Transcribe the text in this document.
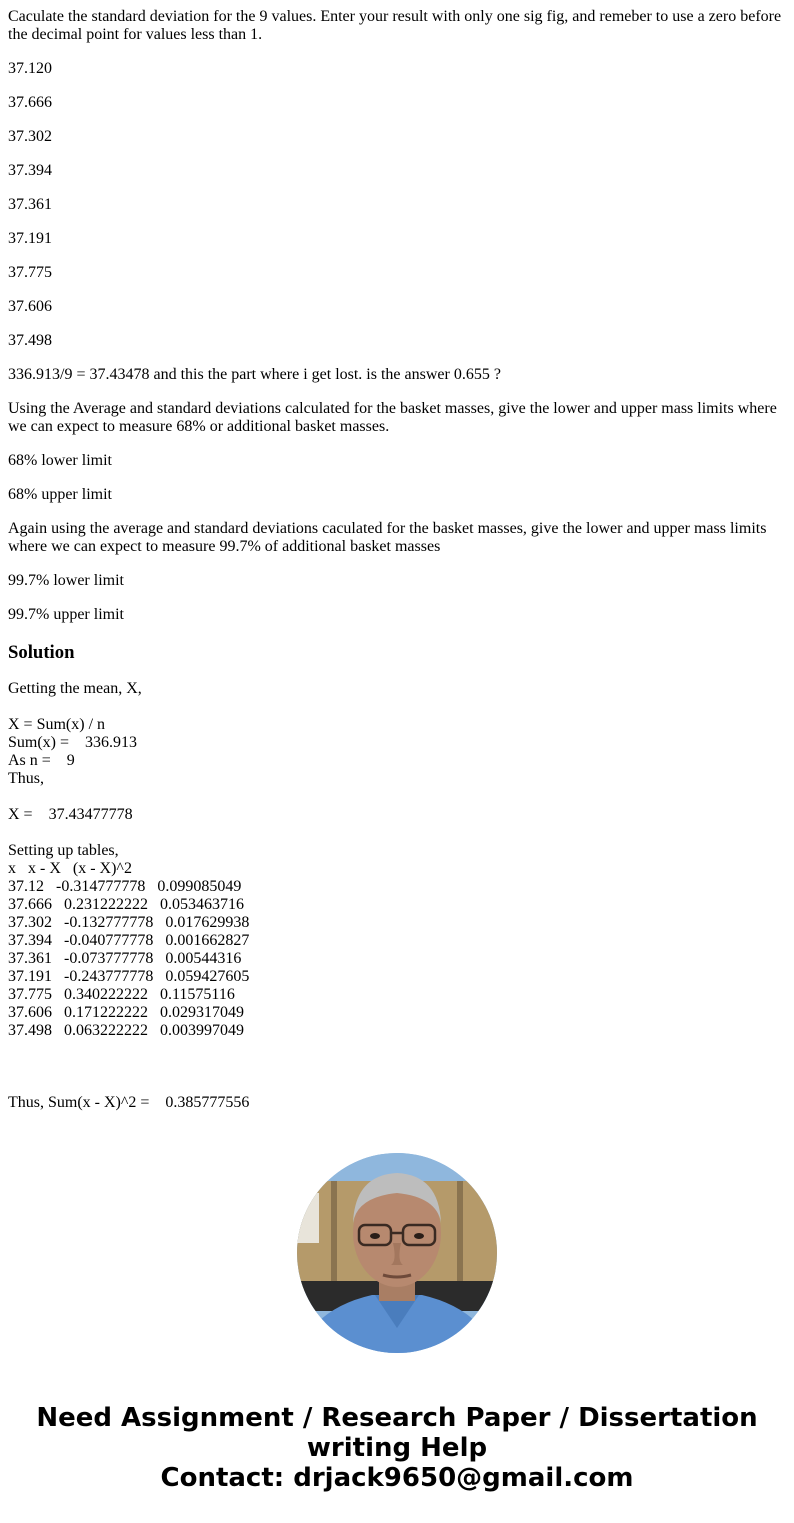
Caculate the standard deviation for the 9 values. Enter your result with only one sig fig, and remeber to use a zero before the decimal point for values less than 1.

37.120

37.666

37.302

37.394

37.361

37.191

37.775

37.606

37.498

336.913/9 = 37.43478 and this the part where i get lost. is the answer 0.655 ?

Using the Average and standard deviations calculated for the basket masses, give the lower and upper mass limits where we can expect to measure 68% or additional basket masses.

68% lower limit

68% upper limit

Again using the average and standard deviations caculated for the basket masses, give the lower and upper mass limits where we can expect to measure 99.7% of additional basket masses

99.7% lower limit

99.7% upper limit

Solution
Getting the mean, X,
X = Sum(x) / n
Sum(x) =    336.913
As n =    9
Thus,
X =    37.43477778
Setting up tables,
x x - X (x - X)^2
37.12 -0.314777778 0.099085049
37.666 0.231222222 0.053463716
37.302 -0.132777778 0.017629938
37.394 -0.040777778 0.001662827
37.361 -0.073777778 0.00544316
37.191 -0.243777778 0.059427605
37.775 0.340222222 0.11575116
37.606 0.171222222 0.029317049
37.498 0.063222222 0.003997049
Thus, Sum(x - X)^2 =    0.385777556
Need Assignment / Research Paper / Dissertation
writing Help
Contact: drjack9650@gmail.com
